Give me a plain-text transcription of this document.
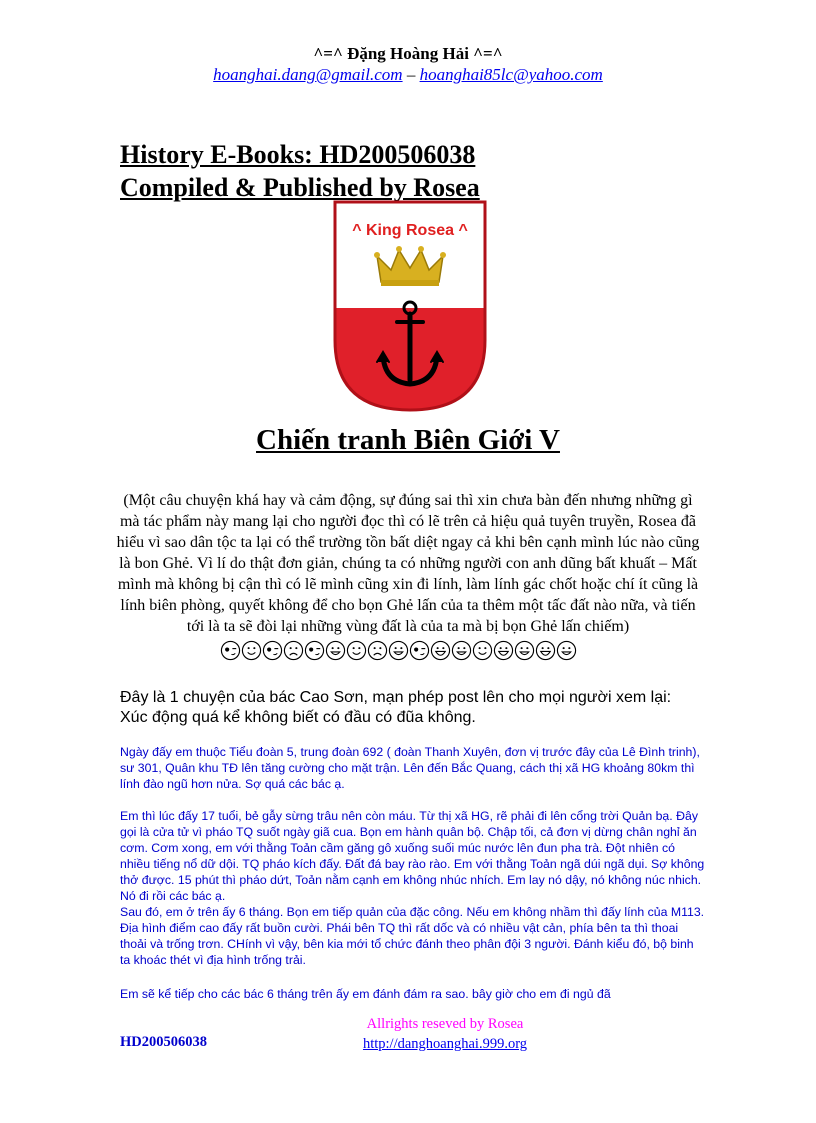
^=^ Đặng Hoàng Hải ^=^
hoanghai.dang@gmail.com – hoanghai85lc@yahoo.com
History E-Books: HD200506038
Compiled & Published by Rosea
^ King Rosea ^
Chiến tranh Biên Giới V
(Một câu chuyện khá hay và cảm động, sự đúng sai thì xin chưa bàn đến nhưng những gì mà tác phẩm này mang lại cho người đọc thì có lẽ trên cả hiệu quả tuyên truyền, Rosea đã hiểu vì sao dân tộc ta lại có thể trường tồn bất diệt ngay cả khi bên cạnh mình lúc nào cũng là bon Ghẻ. Vì lí do thật đơn giản, chúng ta có những người con anh dũng bất khuất – Mất mình mà không bị cận thì có lẽ mình cũng xin đi lính, làm lính gác chốt hoặc chí ít cũng là lính biên phòng, quyết không để cho bọn Ghẻ lấn của ta thêm một tấc đất nào nữa, và tiến tới là ta sẽ đòi lại những vùng đất là của ta mà bị bọn Ghẻ lấn chiếm)
Đây là 1 chuyện của bác Cao Sơn, mạn phép post lên cho mọi người xem lại:
Xúc động quá kể không biết có đầu có đũa không.
Ngày đấy em thuộc Tiểu đoàn 5, trung đoàn 692 ( đoàn Thanh Xuyên, đơn vị trước đây của Lê Đình trinh), sư 301, Quân khu TĐ lên tăng cường cho mặt trận. Lên đến Bắc Quang, cách thị xã HG khoảng 80km thì lính đào ngũ hơn nửa. Sợ quá các bác ạ.
Em thì lúc đấy 17 tuổi, bẻ gẫy sừng trâu nên còn máu. Từ thị xã HG, rẽ phải đi lên cổng trời Quản bạ. Đây gọi là cửa tử vì pháo TQ suốt ngày giã cua. Bọn em hành quân bộ. Chập tối, cả đơn vị dừng chân nghỉ ăn cơm. Cơm xong, em với thằng Toản cầm găng gô xuống suối múc nước lên đun pha trà. Đột nhiên có nhiều tiếng nổ dữ dội. TQ pháo kích đấy. Đất đá bay rào rào. Em với thằng Toản ngã dúi ngã dụi. Sợ không thở được. 15 phút thì pháo dứt, Toản nằm cạnh em không nhúc nhích. Em lay nó dậy, nó không núc nhich. Nó đi rồi các bác ạ.
Sau đó, em ở trên ấy 6 tháng. Bọn em tiếp quản của đặc công. Nếu em không nhầm thì đấy lính của M113. Địa hình điểm cao đấy rất buồn cười. Phái bên TQ thì rất dốc và có nhiều vật cản, phía bên ta thì thoai thoải và trống trơn. CHính vì vậy, bên kia mới tổ chức đánh theo phân đội 3 người. Đánh kiểu đó, bộ binh ta khoác thét vì địa hình trống trải.
Em sẽ kể tiếp cho các bác 6 tháng trên ấy em đánh đám ra sao. bây giờ cho em đi ngủ đã
Allrights reseved by Rosea
http://danghoanghai.999.org
HD200506038
